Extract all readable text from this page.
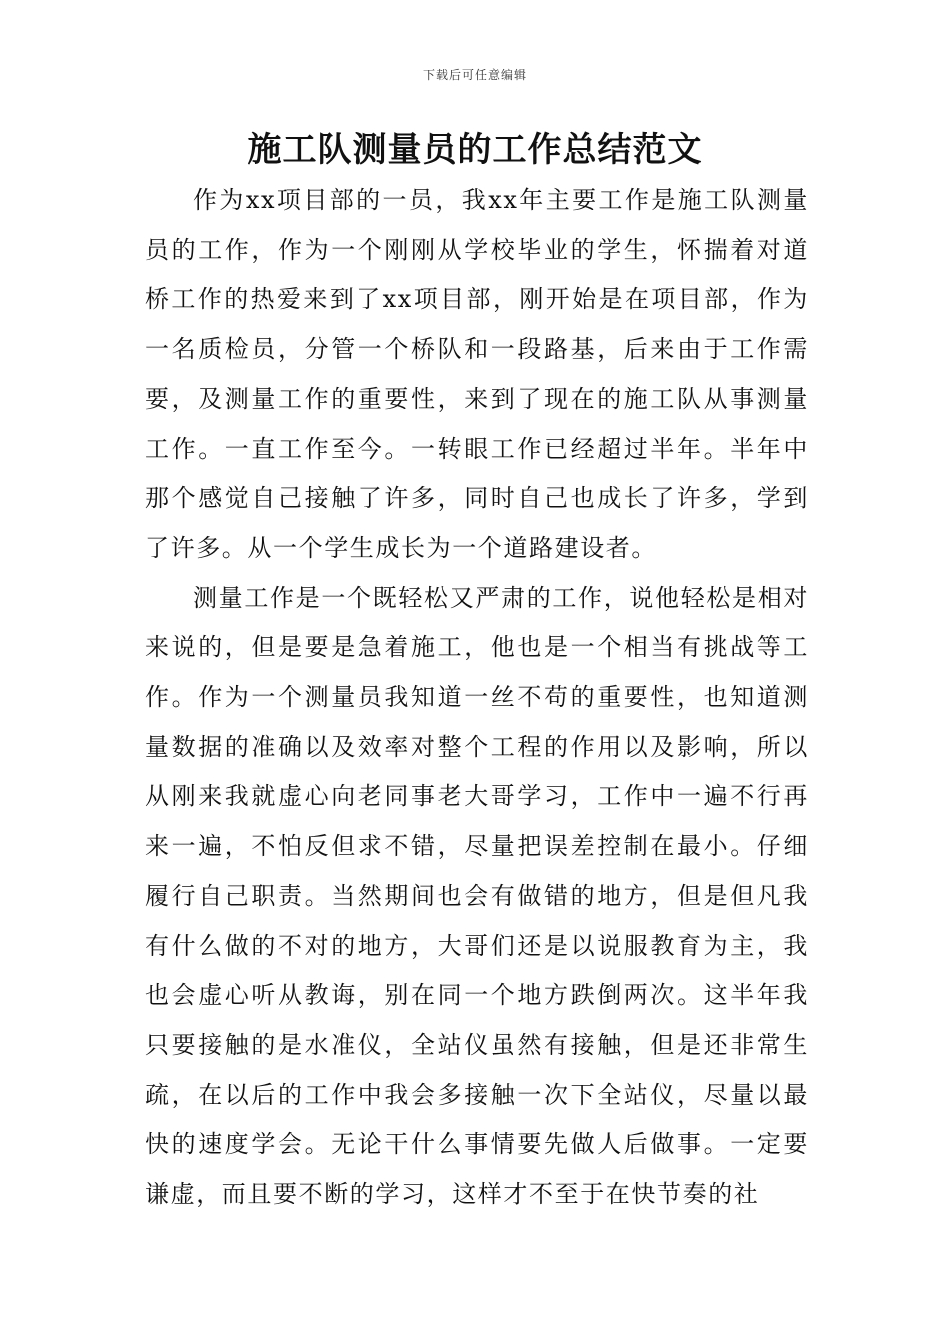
下载后可任意编辑
施工队测量员的工作总结范文

作为xx项目部的一员，我xx年主要工作是施工队测量员的工作，作为一个刚刚从学校毕业的学生，怀揣着对道桥工作的热爱来到了xx项目部，刚开始是在项目部，作为一名质检员，分管一个桥队和一段路基，后来由于工作需要，及测量工作的重要性，来到了现在的施工队从事测量工作。一直工作至今。一转眼工作已经超过半年。半年中那个感觉自己接触了许多，同时自己也成长了许多，学到了许多。从一个学生成长为一个道路建设者。

测量工作是一个既轻松又严肃的工作，说他轻松是相对来说的，但是要是急着施工，他也是一个相当有挑战等工作。作为一个测量员我知道一丝不苟的重要性，也知道测量数据的准确以及效率对整个工程的作用以及影响，所以从刚来我就虚心向老同事老大哥学习，工作中一遍不行再来一遍，不怕反但求不错，尽量把误差控制在最小。仔细履行自己职责。当然期间也会有做错的地方，但是但凡我有什么做的不对的地方，大哥们还是以说服教育为主，我也会虚心听从教诲，别在同一个地方跌倒两次。这半年我只要接触的是水准仪，全站仪虽然有接触，但是还非常生疏，在以后的工作中我会多接触一次下全站仪，尽量以最快的速度学会。无论干什么事情要先做人后做事。一定要谦虚，而且要不断的学习，这样才不至于在快节奏的社
